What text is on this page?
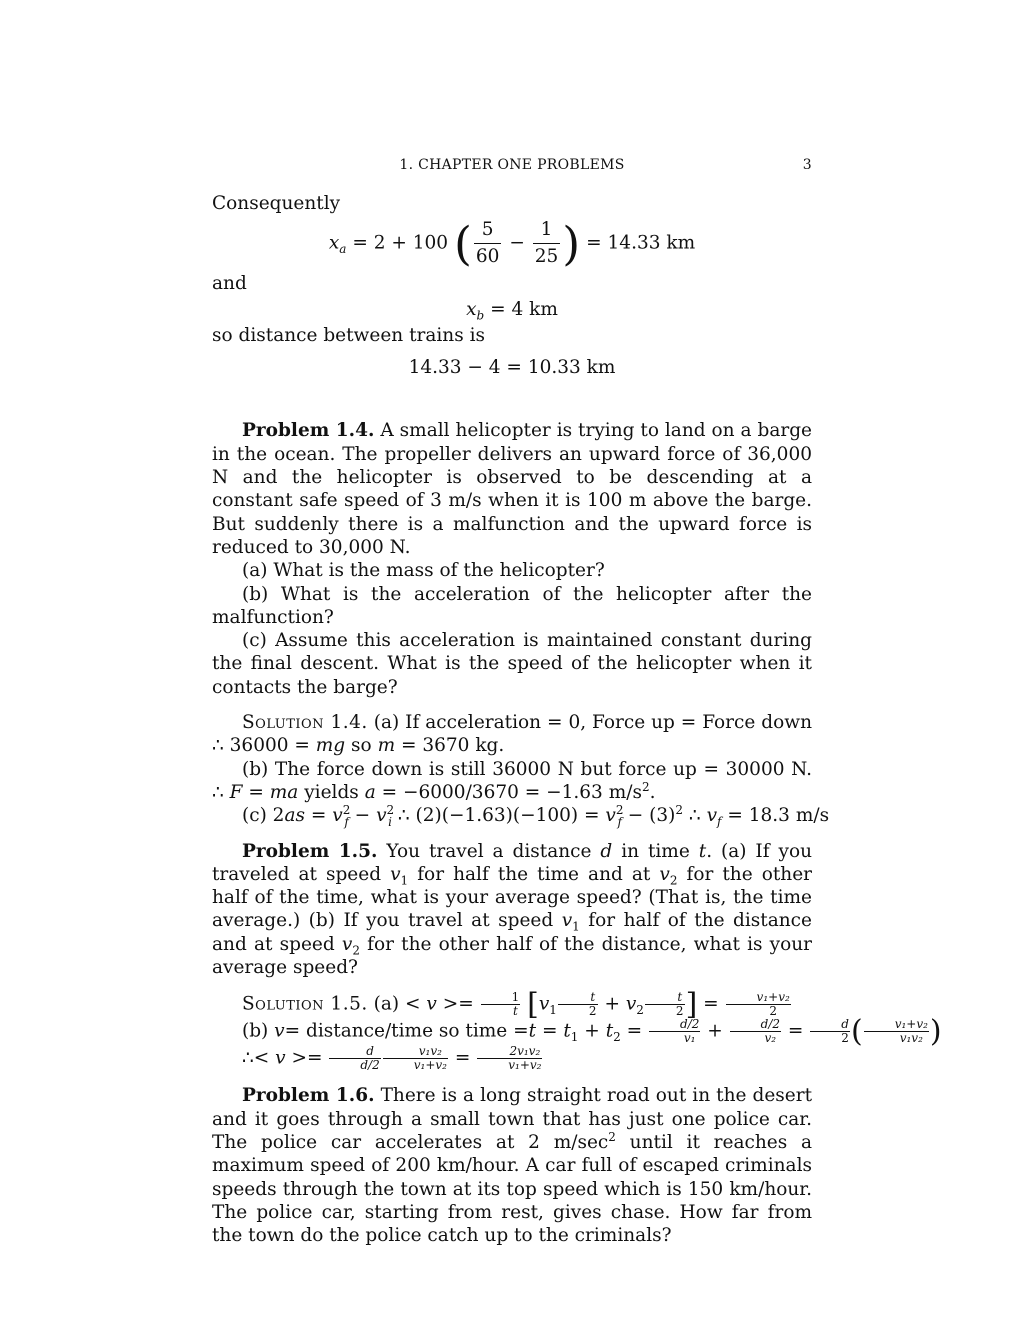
1. CHAPTER ONE PROBLEMS	3

Consequently

$x_a = 2 + 100$ ( $\frac{5}{60} - \frac{1}{25}$ ) = 14.33 km

and

$x_b = 4$ km

so distance between trains is

14.33 − 4 = 10.33 km

Problem 1.4. A small helicopter is trying to land on a barge in the ocean. The propeller delivers an upward force of 36,000 N and the helicopter is observed to be descending at a constant safe speed of 3 m/s when it is 100 m above the barge. But suddenly there is a malfunction and the upward force is reduced to 30,000 N.

(a) What is the mass of the helicopter?

(b) What is the acceleration of the helicopter after the malfunction?

(c) Assume this acceleration is maintained constant during the final descent. What is the speed of the helicopter when it contacts the barge?

Solution 1.4. (a) If acceleration = 0, Force up = Force down ∴ 36000 = mg so m = 3670 kg.

(b) The force down is still 36000 N but force up = 30000 N. ∴ F = ma yields a = −6000/3670 = −1.63 $m/s^2$.

(c) $2as = v^2_f - v^2_i$ ∴ $(2)(-1.63)(-100) = v^2_f - (3)^2$ ∴ $v_f = 18.3$ m/s

Problem 1.5. You travel a distance d in time t. (a) If you traveled at speed $v_1$ for half the time and at $v_2$ for the other half of the time, what is your average speed? (That is, the time average.) (b) If you travel at speed $v_1$ for half of the distance and at speed $v_2$ for the other half of the distance, what is your average speed?

Solution 1.5. $(a) < v >= \frac{1}{t} [v_1 \frac{t}{2} + v_2 \frac{t}{2}$ ] = $\frac{\text{v₁+v₂}}{2}$

(b) v= distance/time so time $=t = t_1 + t_2 = \frac{d/2}{\text{v₁}} + \frac{d/2}{\text{v₂}} = \frac{d}{2}$ ( $\frac{\text{v₁+v₂}}{\text{v₁v₂}}$ )

∴< $v >= \frac{d}{d/2} \frac{\text{v₁v₂}}{\text{v₁+v₂}} = \frac{\text{2v₁v₂}}{\text{v₁+v₂}}$

Problem 1.6. There is a long straight road out in the desert and it goes through a small town that has just one police car. The police car accelerates at 2 $m/\sec^2$ until it reaches a maximum speed of 200 km/hour. A car full of escaped criminals speeds through the town at its top speed which is 150 km/hour. The police car, starting from rest, gives chase. How far from the town do the police catch up to the criminals?
